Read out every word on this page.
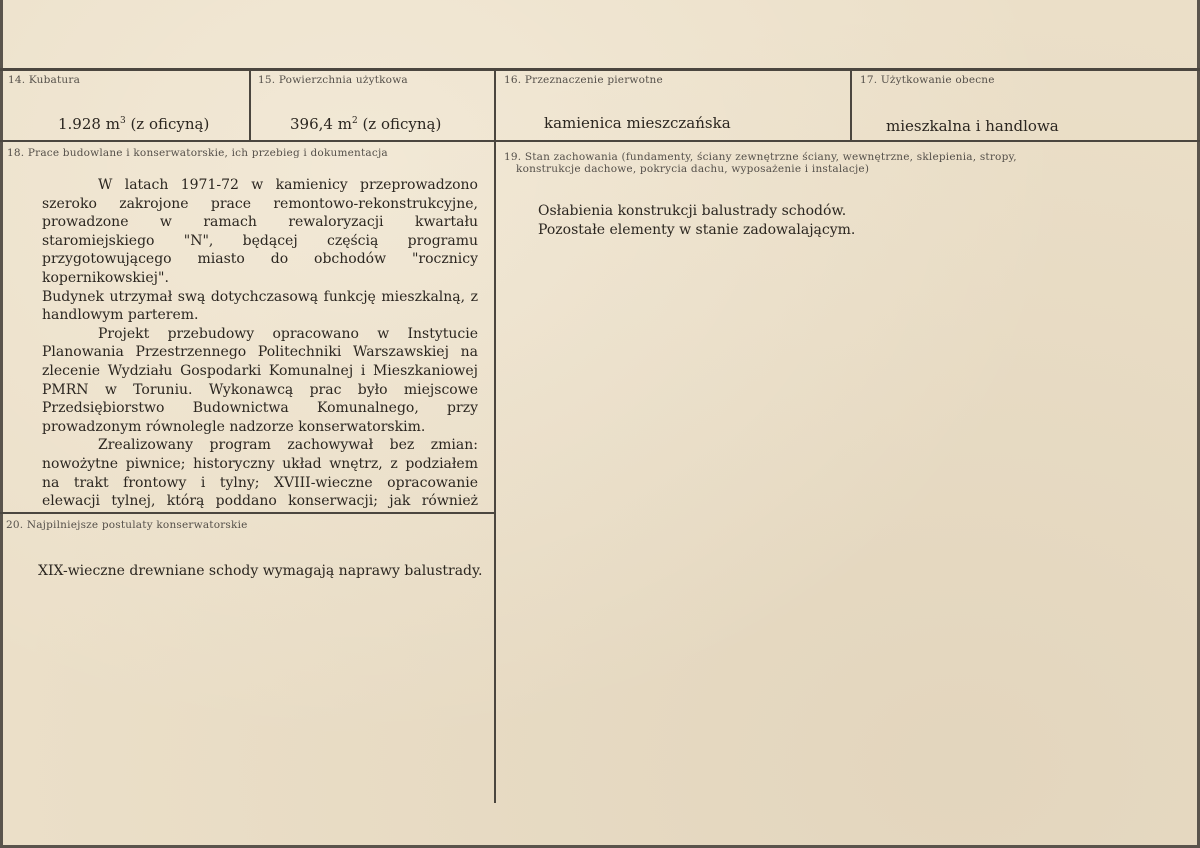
14. Kubatura
1.928 $m^3$ (z oficyną)
15. Powierzchnia użytkowa
396,4 $m^2$ (z oficyną)
16. Przeznaczenie pierwotne
kamienica mieszczańska
17. Użytkowanie obecne
mieszkalna i handlowa
18. Prace budowlane i konserwatorskie, ich przebieg i dokumentacja

W latach 1971-72 w kamienicy przeprowadzono szeroko zakrojone prace remontowo-rekonstrukcyjne, prowadzone w ramach rewaloryzacji kwartału staromiejskiego "N", będącej częścią programu przygotowującego miasto do obchodów "rocznicy

kopernikowskiej".

Budynek utrzymał swą dotychczasową funkcję mieszkalną, z handlowym parterem.

Projekt przebudowy opracowano w Instytucie Planowania Przestrzennego Politechniki Warszawskiej na zlecenie Wydziału Gospodarki Komunalnej i Mieszkaniowej PMRN w Toruniu. Wykonawcą prac było miejscowe Przedsiębiorstwo Budownictwa Komunalnego, przy prowadzonym równolegle nadzorze konserwatorskim.

Zrealizowany program zachowywał bez zmian: nowożytne piwnice; historyczny układ wnętrz, z podziałem na trakt frontowy i tylny; XVIII-wieczne opracowanie elewacji tylnej, którą poddano konserwacji; jak również

19. Stan zachowania (fundamenty, ściany zewnętrzne ściany, wewnętrzne, sklepienia, stropy,
konstrukcje dachowe, pokrycia dachu, wyposażenie i instalacje)
Osłabienia konstrukcji balustrady schodów.
Pozostałe elementy w stanie zadowalającym.
20. Najpilniejsze postulaty konserwatorskie
XIX-wieczne drewniane schody wymagają naprawy balustrady.
